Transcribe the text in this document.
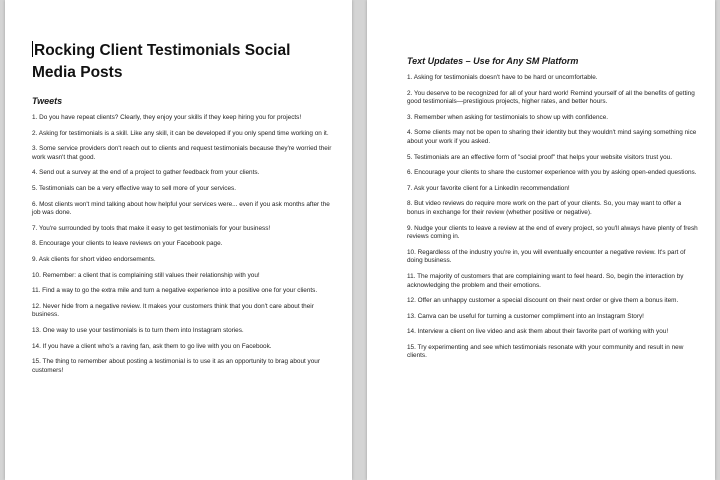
Rocking Client Testimonials Social Media Posts
Tweets
1. Do you have repeat clients? Clearly, they enjoy your skills if they keep hiring you for projects!
2. Asking for testimonials is a skill. Like any skill, it can be developed if you only spend time working on it.
3. Some service providers don't reach out to clients and request testimonials because they're worried their work wasn't that good.
4. Send out a survey at the end of a project to gather feedback from your clients.
5. Testimonials can be a very effective way to sell more of your services.
6. Most clients won't mind talking about how helpful your services were... even if you ask months after the job was done.
7. You're surrounded by tools that make it easy to get testimonials for your business!
8. Encourage your clients to leave reviews on your Facebook page.
9. Ask clients for short video endorsements.
10. Remember: a client that is complaining still values their relationship with you!
11. Find a way to go the extra mile and turn a negative experience into a positive one for your clients.
12. Never hide from a negative review. It makes your customers think that you don't care about their business.
13. One way to use your testimonials is to turn them into Instagram stories.
14. If you have a client who's a raving fan, ask them to go live with you on Facebook.
15. The thing to remember about posting a testimonial is to use it as an opportunity to brag about your customers!
Text Updates – Use for Any SM Platform
1. Asking for testimonials doesn't have to be hard or uncomfortable.
2. You deserve to be recognized for all of your hard work! Remind yourself of all the benefits of getting good testimonials—prestigious projects, higher rates, and better hours.
3. Remember when asking for testimonials to show up with confidence.
4. Some clients may not be open to sharing their identity but they wouldn't mind saying something nice about your work if you asked.
5. Testimonials are an effective form of "social proof" that helps your website visitors trust you.
6. Encourage your clients to share the customer experience with you by asking open-ended questions.
7. Ask your favorite client for a LinkedIn recommendation!
8. But video reviews do require more work on the part of your clients. So, you may want to offer a bonus in exchange for their review (whether positive or negative).
9. Nudge your clients to leave a review at the end of every project, so you'll always have plenty of fresh reviews coming in.
10. Regardless of the industry you're in, you will eventually encounter a negative review. It's part of doing business.
11. The majority of customers that are complaining want to feel heard. So, begin the interaction by acknowledging the problem and their emotions.
12. Offer an unhappy customer a special discount on their next order or give them a bonus item.
13. Canva can be useful for turning a customer compliment into an Instagram Story!
14. Interview a client on live video and ask them about their favorite part of working with you!
15. Try experimenting and see which testimonials resonate with your community and result in new clients.
